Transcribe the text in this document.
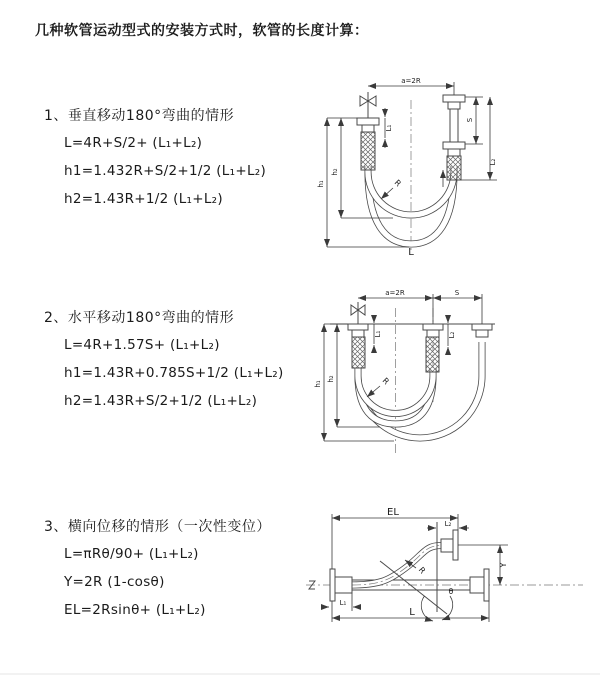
几种软管运动型式的安装方式时，软管的长度计算：
1、垂直移动180°弯曲的情形
L=4R+S/2+ (L₁+L₂)
h1=1.432R+S/2+1/2 (L₁+L₂)
h2=1.43R+1/2 (L₁+L₂)
a=2R
S
L₂
h₁
h₂
L₁
R
L
2、水平移动180°弯曲的情形
L=4R+1.57S+ (L₁+L₂)
h1=1.43R+0.785S+1/2 (L₁+L₂)
h2=1.43R+S/2+1/2 (L₁+L₂)
a=2R	S
h₁
h₂
L₁	L₂
R
3、横向位移的情形（一次性变位）
L=πRθ/90+ (L₁+L₂)
Y=2R (1-cosθ)
EL=2Rsinθ+ (L₁+L₂)
θ
R
EL
L₂
Y
L
L₁
